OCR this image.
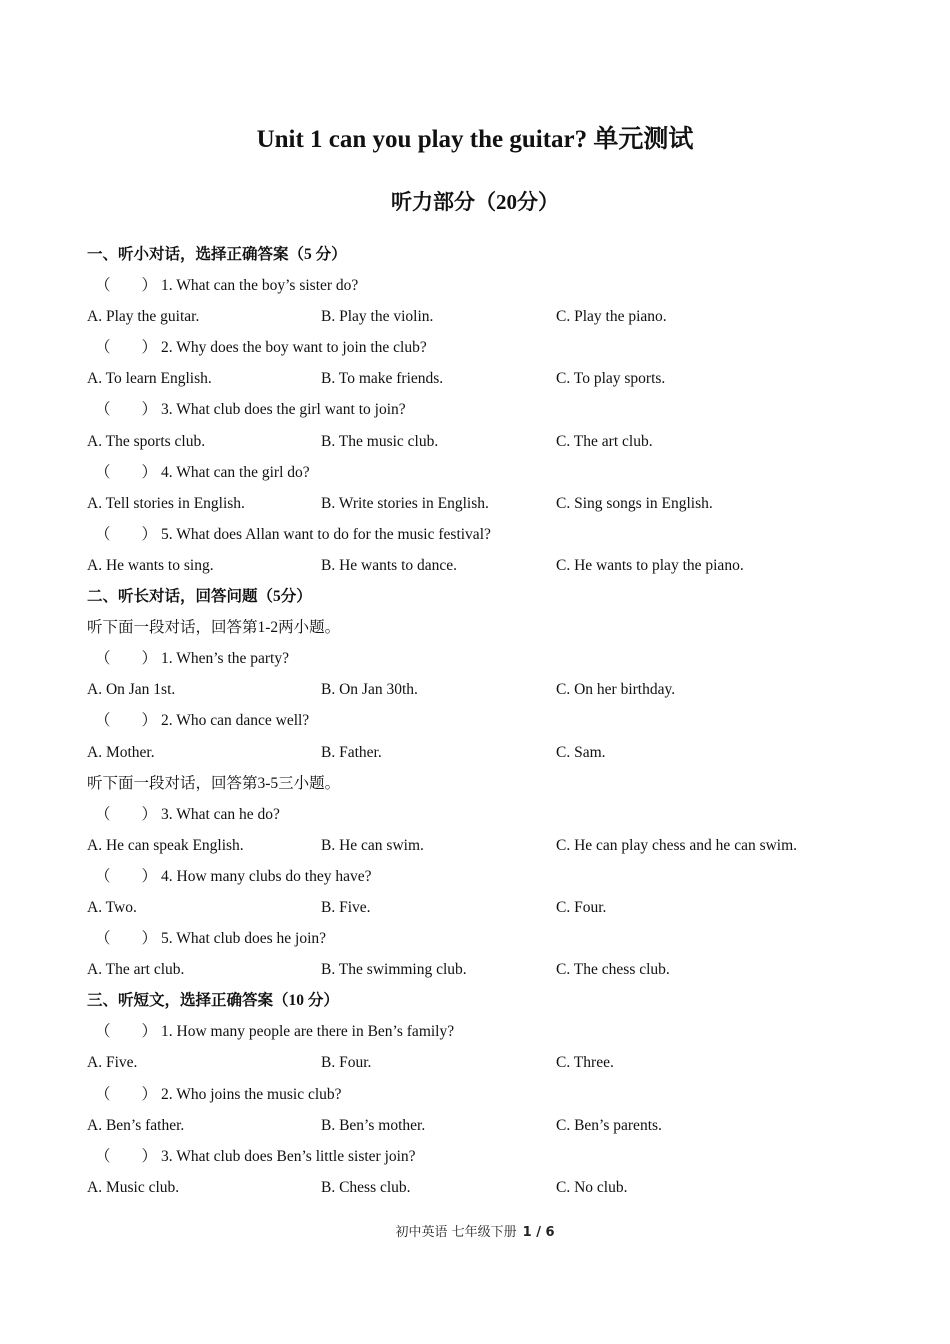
Unit 1 can you play the guitar? 单元测试
听力部分（20分）
一、听小对话，选择正确答案（5 分）
（　　） 1. What can the boy’s sister do?
A. Play the guitar.	B. Play the violin.	C. Play the piano.
（　　） 2. Why does the boy want to join the club?
A. To learn English.	B. To make friends.	C. To play sports.
（　　） 3. What club does the girl want to join?
A. The sports club.	B. The music club.	C. The art club.
（　　） 4. What can the girl do?
A. Tell stories in English.	B. Write stories in English.	C. Sing songs in English.
（　　） 5. What does Allan want to do for the music festival?
A. He wants to sing.	B. He wants to dance.	C. He wants to play the piano.
二、听长对话，回答问题（5分）
听下面一段对话，回答第1-2两小题。
（　　） 1. When’s the party?
A. On Jan 1st.	B. On Jan 30th.	C. On her birthday.
（　　） 2. Who can dance well?
A. Mother.	B. Father.	C. Sam.
听下面一段对话，回答第3-5三小题。
（　　） 3. What can he do?
A. He can speak English.	B. He can swim.	C. He can play chess and he can swim.
（　　） 4. How many clubs do they have?
A. Two.	B. Five.	C. Four.
（　　） 5. What club does he join?
A. The art club.	B. The swimming club.	C. The chess club.
三、听短文，选择正确答案（10 分）
（　　） 1. How many people are there in Ben’s family?
A. Five.	B. Four.	C. Three.
（　　） 2. Who joins the music club?
A. Ben’s father.	B. Ben’s mother.	C. Ben’s parents.
（　　） 3. What club does Ben’s little sister join?
A. Music club.	B. Chess club.	C. No club.
初中英语 七年级下册 1 / 6
